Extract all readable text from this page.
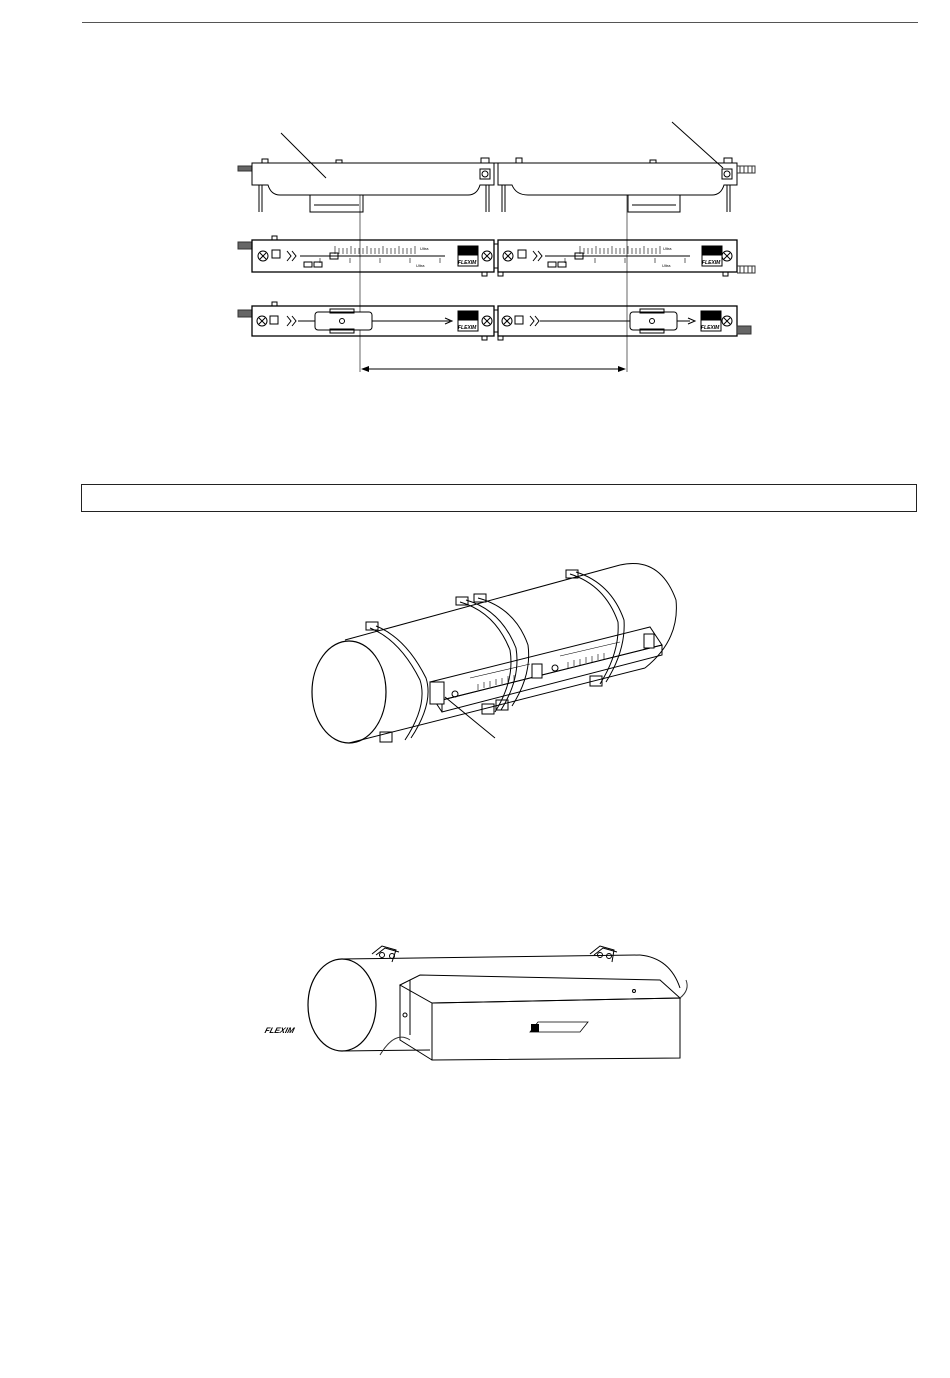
Ultra	Ultra
Ultra	Ultra
FLEXIM	FLEXIM
FLEXIM	FLEXIM
FLEXIM
